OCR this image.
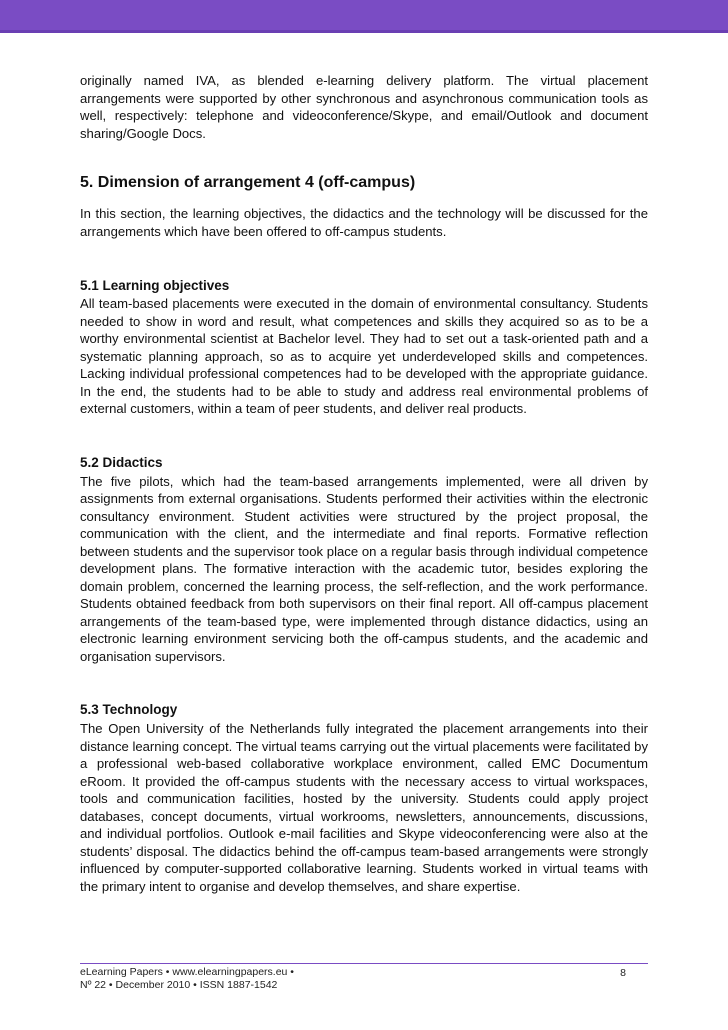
originally named IVA, as blended e-learning delivery platform. The virtual placement arrangements were supported by other synchronous and asynchronous communication tools as well, respectively: telephone and videoconference/Skype, and email/Outlook and document sharing/Google Docs.

5. Dimension of arrangement 4 (off-campus)

In this section, the learning objectives, the didactics and the technology will be discussed for the arrangements which have been offered to off-campus students.

5.1 Learning objectives

All team-based placements were executed in the domain of environmental consultancy. Students needed to show in word and result, what competences and skills they acquired so as to be a worthy environmental scientist at Bachelor level. They had to set out a task-oriented path and a systematic planning approach, so as to acquire yet underdeveloped skills and competences. Lacking individual professional competences had to be developed with the appropriate guidance. In the end, the students had to be able to study and address real environmental problems of external customers, within a team of peer students, and deliver real products.

5.2 Didactics

The five pilots, which had the team-based arrangements implemented, were all driven by assignments from external organisations. Students performed their activities within the electronic consultancy environment. Student activities were structured by the project proposal, the communication with the client, and the intermediate and final reports. Formative reflection between students and the supervisor took place on a regular basis through individual competence development plans. The formative interaction with the academic tutor, besides exploring the domain problem, concerned the learning process, the self-reflection, and the work performance. Students obtained feedback from both supervisors on their final report. All off-campus placement arrangements of the team-based type, were implemented through distance didactics, using an electronic learning environment servicing both the off-campus students, and the academic and organisation supervisors.

5.3 Technology

The Open University of the Netherlands fully integrated the placement arrangements into their distance learning concept. The virtual teams carrying out the virtual placements were facilitated by a professional web-based collaborative workplace environment, called EMC Documentum eRoom. It provided the off-campus students with the necessary access to virtual workspaces, tools and communication facilities, hosted by the university. Students could apply project databases, concept documents, virtual workrooms, newsletters, announcements, discussions, and individual portfolios. Outlook e-mail facilities and Skype videoconferencing were also at the students’ disposal. The didactics behind the off-campus team-based arrangements were strongly influenced by computer-supported collaborative learning. Students worked in virtual teams with the primary intent to organise and develop themselves, and share expertise.

eLearning Papers • www.elearningpapers.eu •
Nº 22 • December 2010 • ISSN 1887-1542
8
